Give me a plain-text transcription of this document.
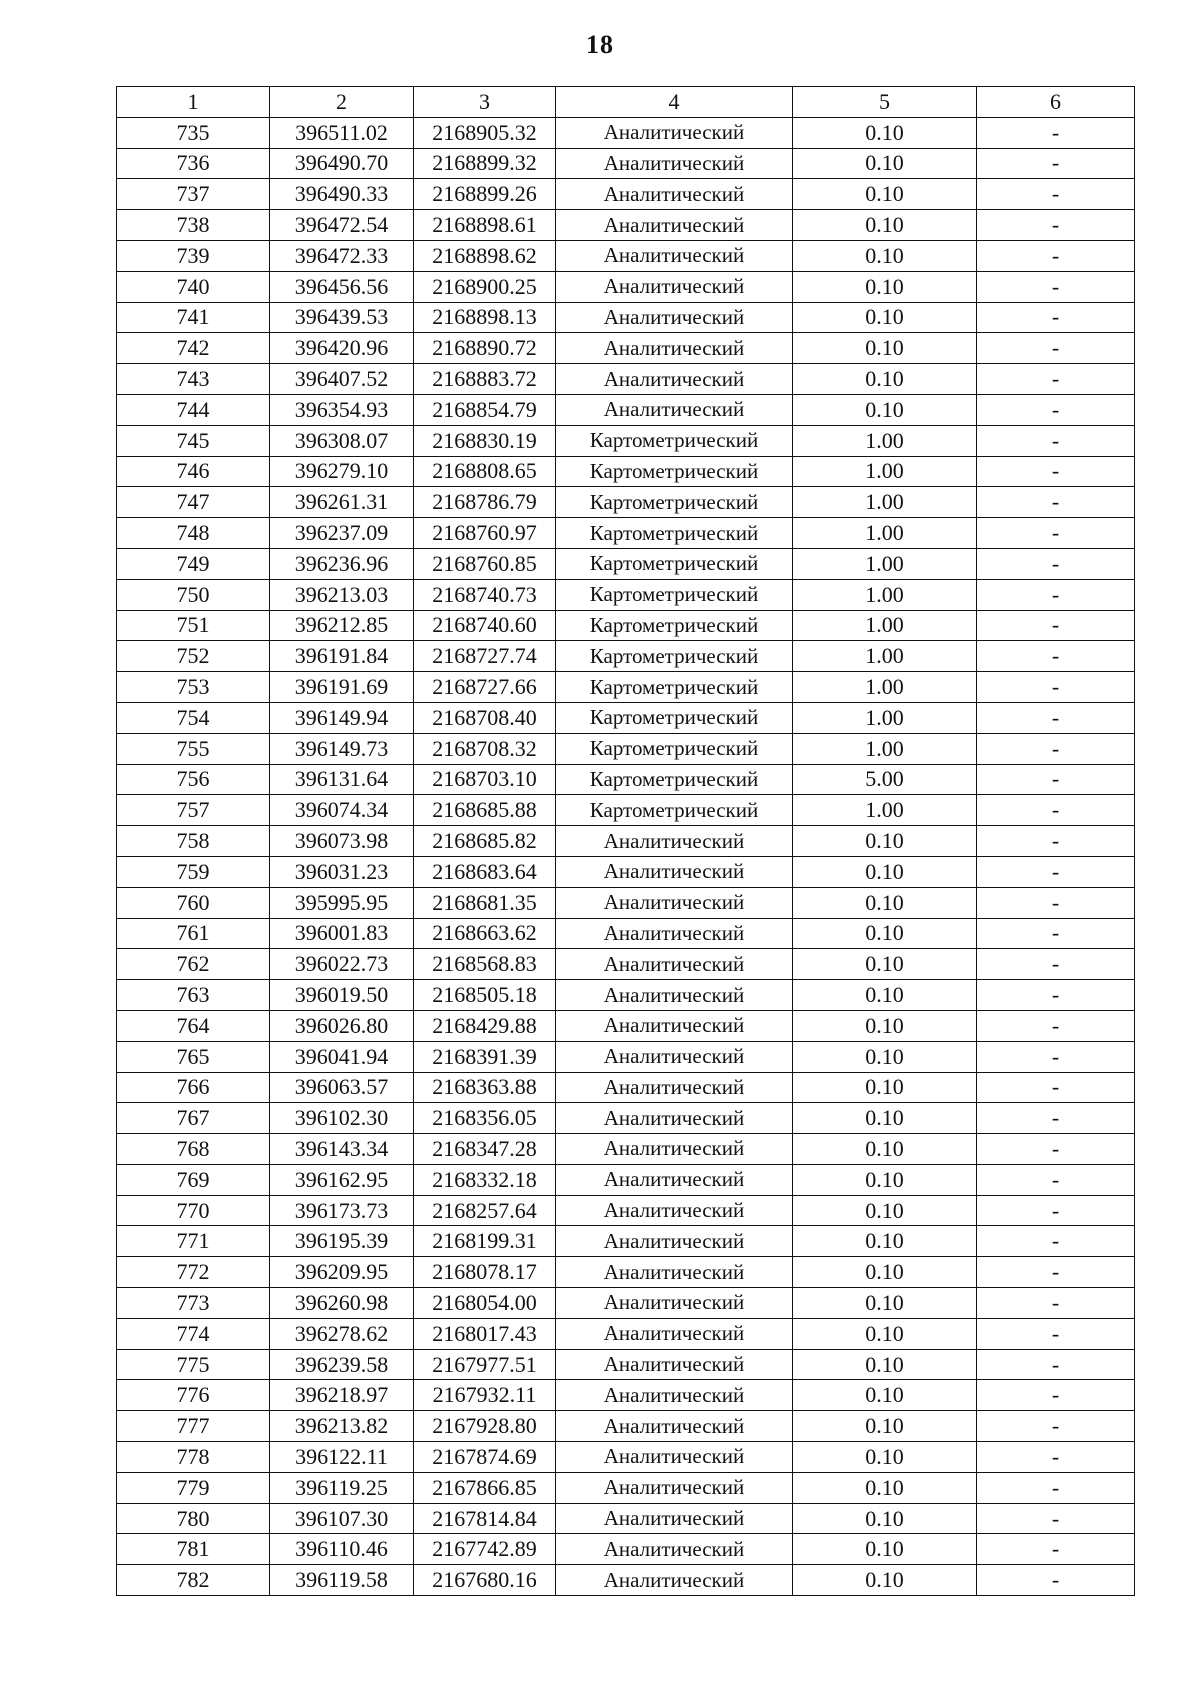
18
1	2	3	4	5	6
735	396511.02	2168905.32	Аналитический	0.10	-
736	396490.70	2168899.32	Аналитический	0.10	-
737	396490.33	2168899.26	Аналитический	0.10	-
738	396472.54	2168898.61	Аналитический	0.10	-
739	396472.33	2168898.62	Аналитический	0.10	-
740	396456.56	2168900.25	Аналитический	0.10	-
741	396439.53	2168898.13	Аналитический	0.10	-
742	396420.96	2168890.72	Аналитический	0.10	-
743	396407.52	2168883.72	Аналитический	0.10	-
744	396354.93	2168854.79	Аналитический	0.10	-
745	396308.07	2168830.19	Картометрический	1.00	-
746	396279.10	2168808.65	Картометрический	1.00	-
747	396261.31	2168786.79	Картометрический	1.00	-
748	396237.09	2168760.97	Картометрический	1.00	-
749	396236.96	2168760.85	Картометрический	1.00	-
750	396213.03	2168740.73	Картометрический	1.00	-
751	396212.85	2168740.60	Картометрический	1.00	-
752	396191.84	2168727.74	Картометрический	1.00	-
753	396191.69	2168727.66	Картометрический	1.00	-
754	396149.94	2168708.40	Картометрический	1.00	-
755	396149.73	2168708.32	Картометрический	1.00	-
756	396131.64	2168703.10	Картометрический	5.00	-
757	396074.34	2168685.88	Картометрический	1.00	-
758	396073.98	2168685.82	Аналитический	0.10	-
759	396031.23	2168683.64	Аналитический	0.10	-
760	395995.95	2168681.35	Аналитический	0.10	-
761	396001.83	2168663.62	Аналитический	0.10	-
762	396022.73	2168568.83	Аналитический	0.10	-
763	396019.50	2168505.18	Аналитический	0.10	-
764	396026.80	2168429.88	Аналитический	0.10	-
765	396041.94	2168391.39	Аналитический	0.10	-
766	396063.57	2168363.88	Аналитический	0.10	-
767	396102.30	2168356.05	Аналитический	0.10	-
768	396143.34	2168347.28	Аналитический	0.10	-
769	396162.95	2168332.18	Аналитический	0.10	-
770	396173.73	2168257.64	Аналитический	0.10	-
771	396195.39	2168199.31	Аналитический	0.10	-
772	396209.95	2168078.17	Аналитический	0.10	-
773	396260.98	2168054.00	Аналитический	0.10	-
774	396278.62	2168017.43	Аналитический	0.10	-
775	396239.58	2167977.51	Аналитический	0.10	-
776	396218.97	2167932.11	Аналитический	0.10	-
777	396213.82	2167928.80	Аналитический	0.10	-
778	396122.11	2167874.69	Аналитический	0.10	-
779	396119.25	2167866.85	Аналитический	0.10	-
780	396107.30	2167814.84	Аналитический	0.10	-
781	396110.46	2167742.89	Аналитический	0.10	-
782	396119.58	2167680.16	Аналитический	0.10	-
